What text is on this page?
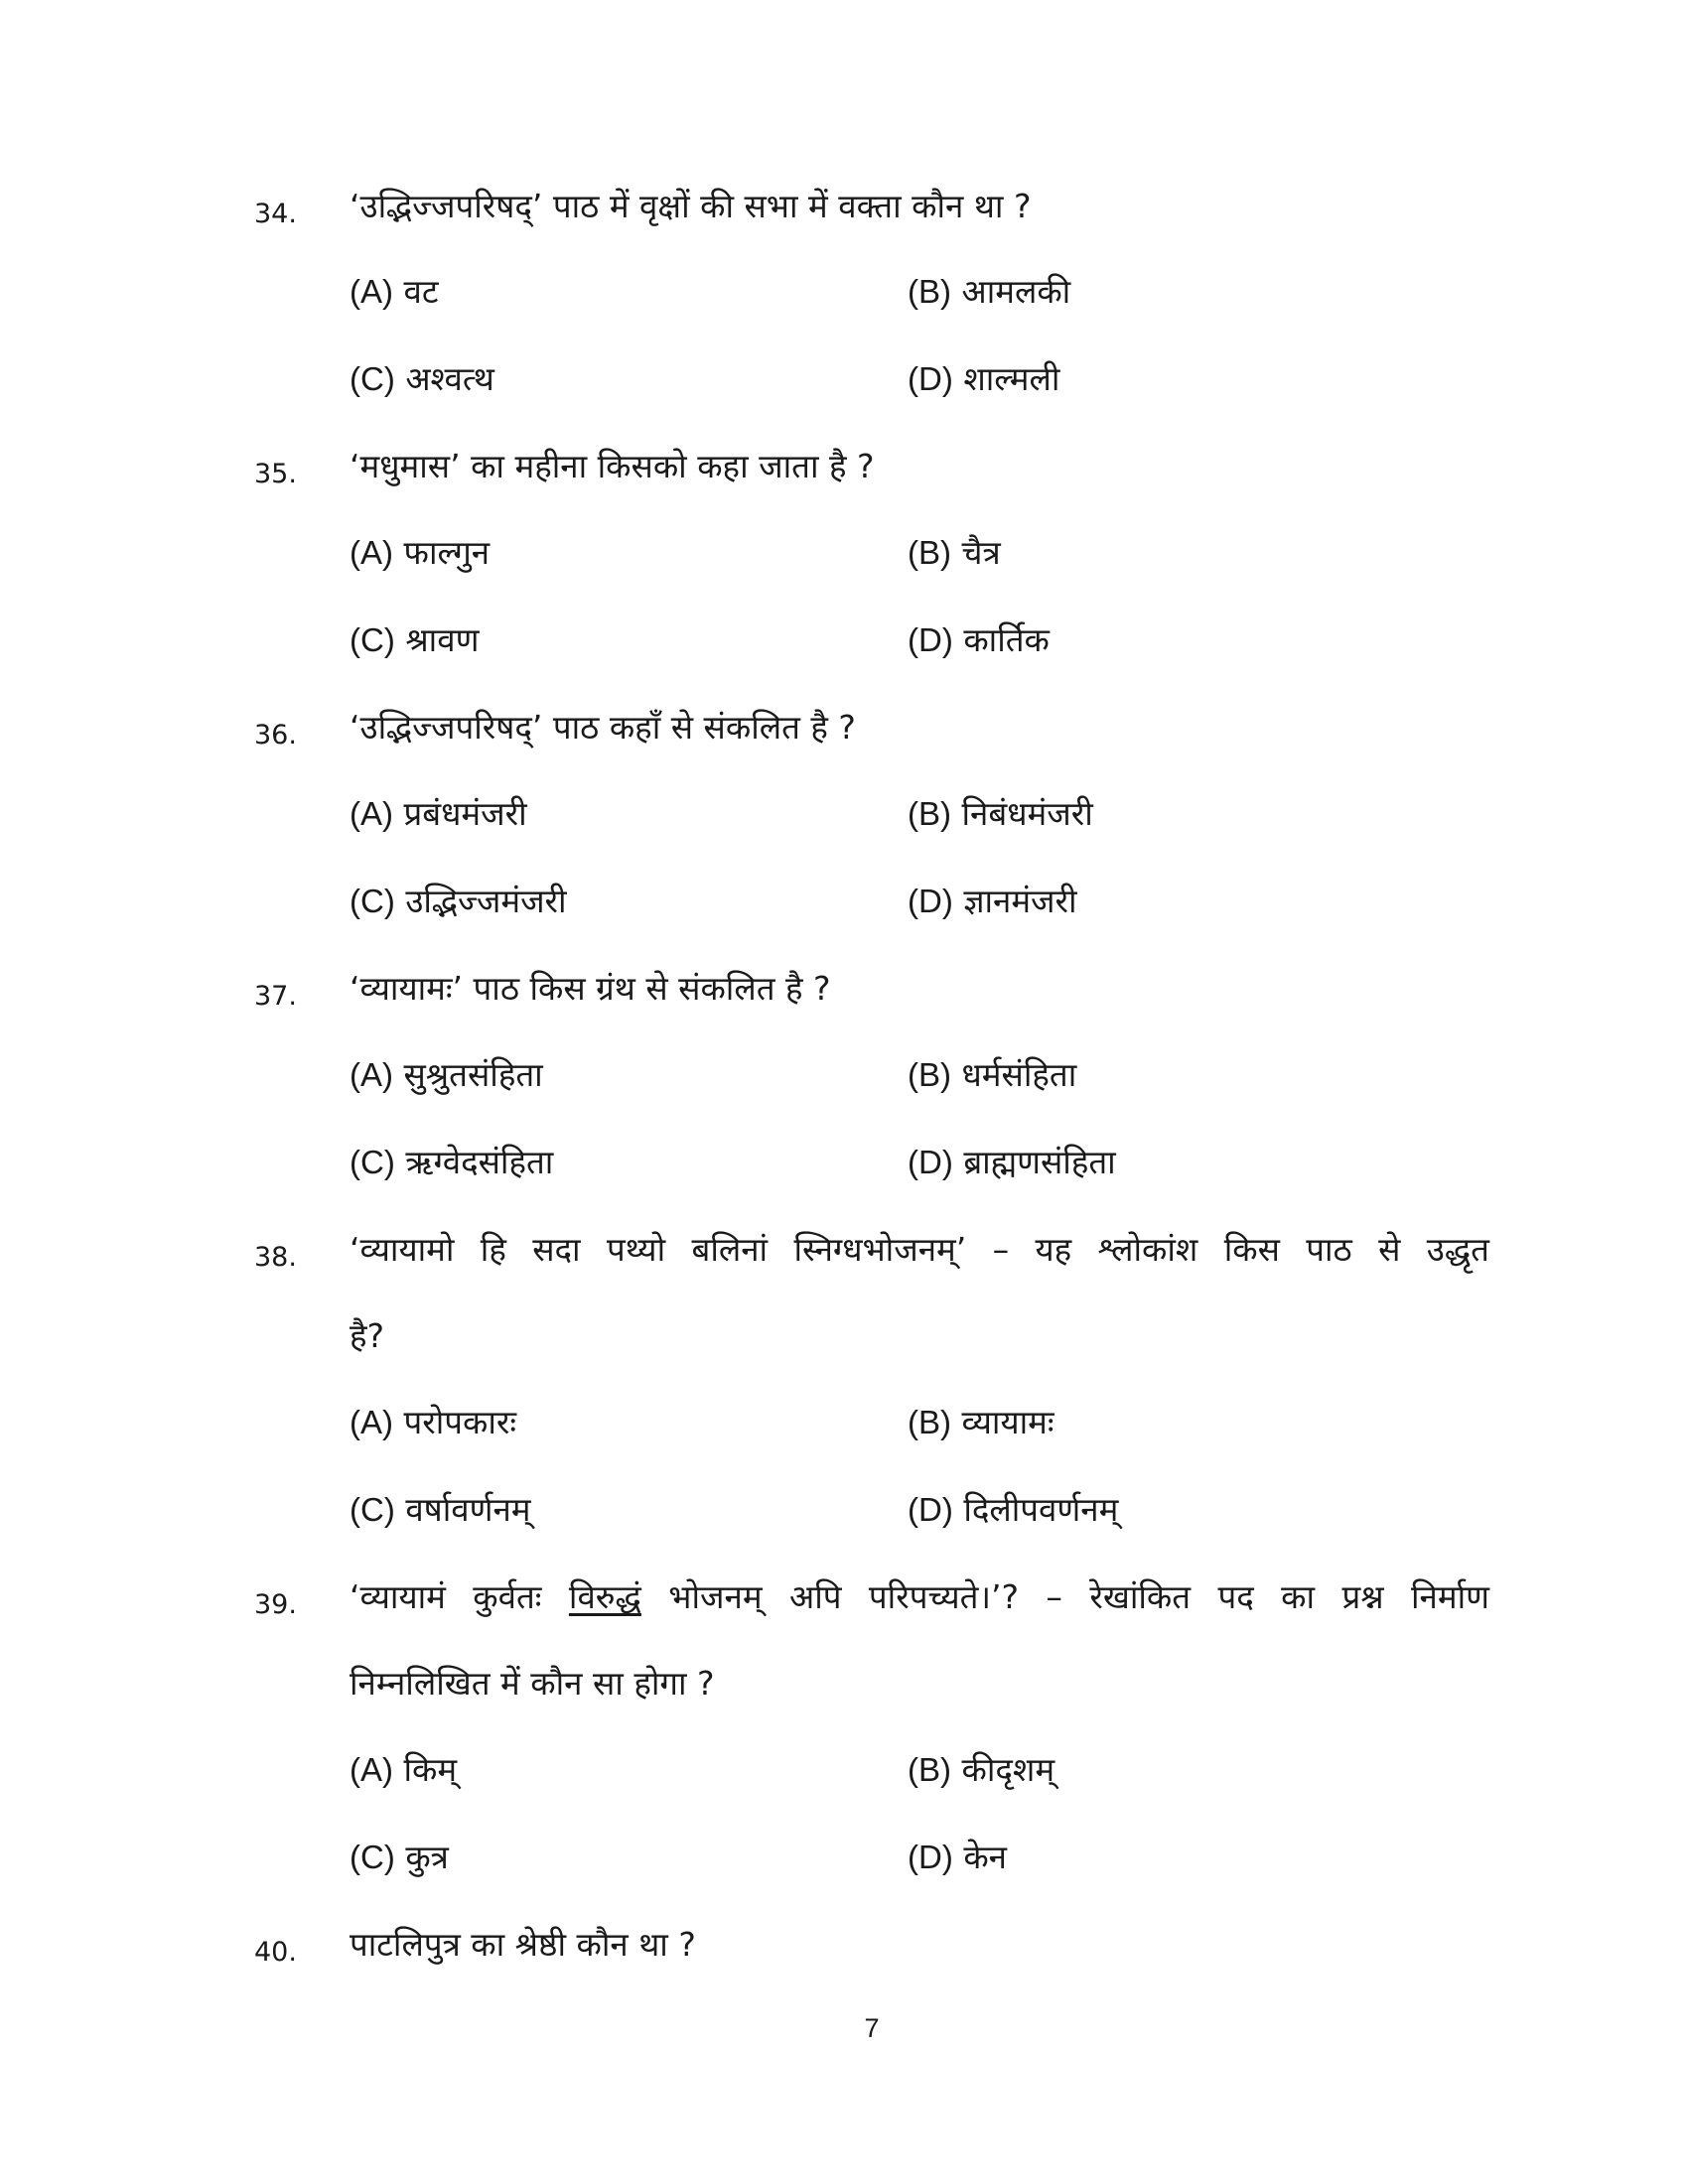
34. ‘उद्भिज्जपरिषद्’ पाठ में वृक्षों की सभा में वक्ता कौन था ?
(A) वट	(B) आमलकी
(C) अश्वत्थ	(D) शाल्मली
35. ‘मधुमास’ का महीना किसको कहा जाता है ?
(A) फाल्गुन	(B) चैत्र
(C) श्रावण	(D) कार्तिक
36. ‘उद्भिज्जपरिषद्’ पाठ कहाँ से संकलित है ?
(A) प्रबंधमंजरी	(B) निबंधमंजरी
(C) उद्भिज्जमंजरी	(D) ज्ञानमंजरी
37. ‘व्यायामः’ पाठ किस ग्रंथ से संकलित है ?
(A) सुश्रुतसंहिता	(B) धर्मसंहिता
(C) ऋग्वेदसंहिता	(D) ब्राह्मणसंहिता
38. ‘व्यायामो हि सदा पथ्यो बलिनां स्निग्धभोजनम्’ – यह श्लोकांश किस पाठ से उद्धृत
है?
(A) परोपकारः	(B) व्यायामः
(C) वर्षावर्णनम्	(D) दिलीपवर्णनम्
39. ‘व्यायामं कुर्वतः विरुद्धं भोजनम् अपि परिपच्यते।’? – रेखांकित पद का प्रश्न निर्माण
निम्नलिखित में कौन सा होगा ?
(A) किम्	(B) कीदृशम्
(C) कुत्र	(D) केन
40. पाटलिपुत्र का श्रेष्ठी कौन था ?
7
